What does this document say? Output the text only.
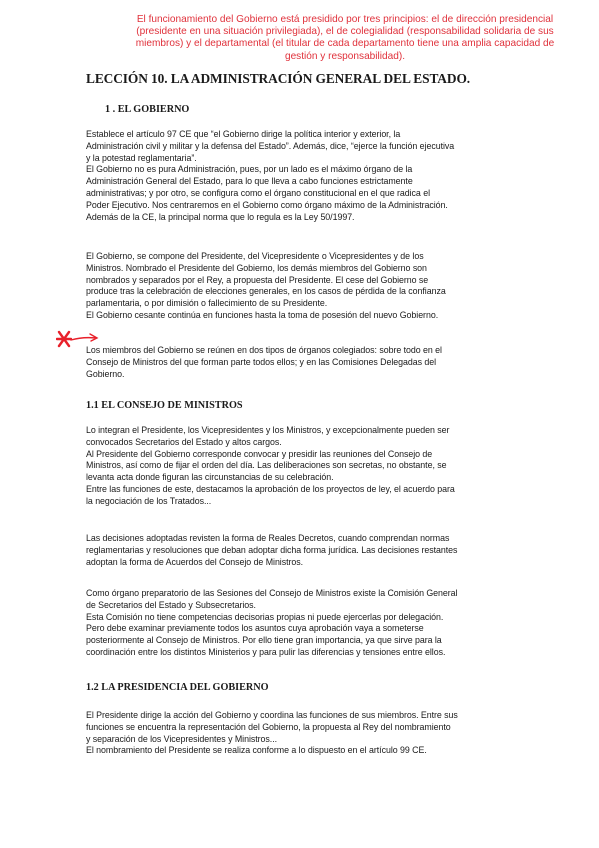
El funcionamiento del Gobierno está presidido por tres principios: el de dirección presidencial
(presidente en una situación privilegiada), el de colegialidad (responsabilidad solidaria de sus
miembros) y el departamental (el titular de cada departamento tiene una amplia capacidad de
gestión y responsabilidad).
LECCIÓN 10. LA ADMINISTRACIÓN GENERAL DEL ESTADO.
1 . EL GOBIERNO
Establece el artículo 97 CE que “el Gobierno dirige la política interior y exterior, la
Administración civil y militar y la defensa del Estado”. Además, dice, “ejerce la función ejecutiva
y la potestad reglamentaria”.
El Gobierno no es pura Administración, pues, por un lado es el máximo órgano de la
Administración General del Estado, para lo que lleva a cabo funciones estrictamente
administrativas; y por otro, se configura como el órgano constitucional en el que radica el
Poder Ejecutivo. Nos centraremos en el Gobierno como órgano máximo de la Administración.
Además de la CE, la principal norma que lo regula es la Ley 50/1997.
El Gobierno, se compone del Presidente, del Vicepresidente o Vicepresidentes y de los
Ministros. Nombrado el Presidente del Gobierno, los demás miembros del Gobierno son
nombrados y separados por el Rey, a propuesta del Presidente. El cese del Gobierno se
produce tras la celebración de elecciones generales, en los casos de pérdida de la confianza
parlamentaria, o por dimisión o fallecimiento de su Presidente.
El Gobierno cesante continúa en funciones hasta la toma de posesión del nuevo Gobierno.
Los miembros del Gobierno se reúnen en dos tipos de órganos colegiados: sobre todo en el
Consejo de Ministros del que forman parte todos ellos; y en las Comisiones Delegadas del
Gobierno.
1.1 EL CONSEJO DE MINISTROS
Lo integran el Presidente, los Vicepresidentes y los Ministros, y excepcionalmente pueden ser
convocados Secretarios del Estado y altos cargos.
Al Presidente del Gobierno corresponde convocar y presidir las reuniones del Consejo de
Ministros, así como de fijar el orden del día. Las deliberaciones son secretas, no obstante, se
levanta acta donde figuran las circunstancias de su celebración.
Entre las funciones de este, destacamos la aprobación de los proyectos de ley, el acuerdo para
la negociación de los Tratados...
Las decisiones adoptadas revisten la forma de Reales Decretos, cuando comprendan normas
reglamentarias y resoluciones que deban adoptar dicha forma jurídica. Las decisiones restantes
adoptan la forma de Acuerdos del Consejo de Ministros.
Como órgano preparatorio de las Sesiones del Consejo de Ministros existe la Comisión General
de Secretarios del Estado y Subsecretarios.
Esta Comisión no tiene competencias decisorias propias ni puede ejercerlas por delegación.
Pero debe examinar previamente todos los asuntos cuya aprobación vaya a someterse
posteriormente al Consejo de Ministros. Por ello tiene gran importancia, ya que sirve para la
coordinación entre los distintos Ministerios y para pulir las diferencias y tensiones entre ellos.
1.2 LA PRESIDENCIA DEL GOBIERNO
El Presidente dirige la acción del Gobierno y coordina las funciones de sus miembros. Entre sus
funciones se encuentra la representación del Gobierno, la propuesta al Rey del nombramiento
y separación de los Vicepresidentes y Ministros...
El nombramiento del Presidente se realiza conforme a lo dispuesto en el artículo 99 CE.
